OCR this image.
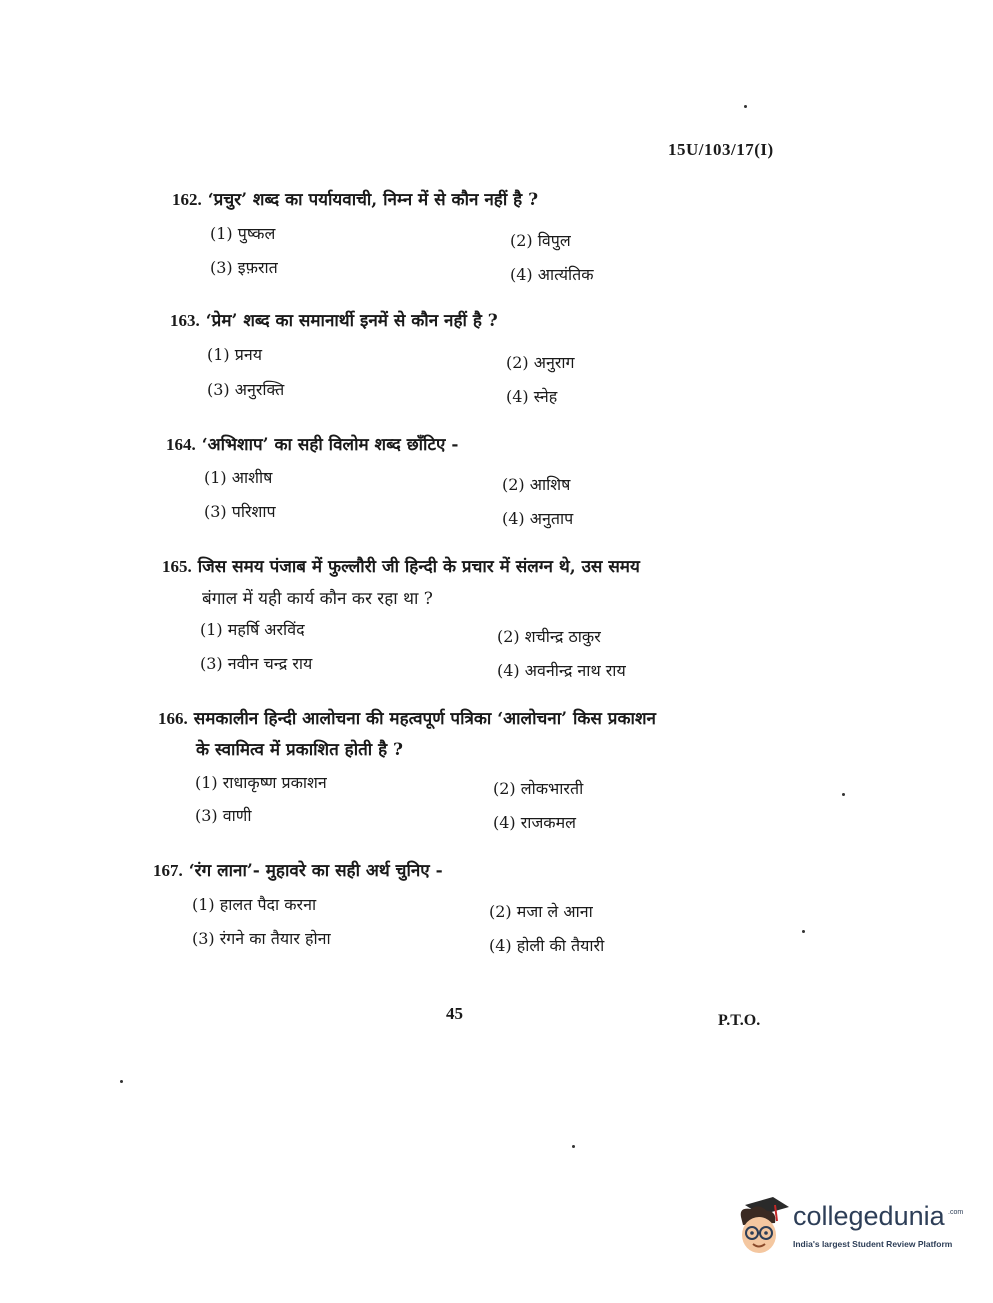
15U/103/17(I)
162. ‘प्रचुर’ शब्द का पर्यायवाची, निम्न में से कौन नहीं है ?
(1) पुष्कल	(2) विपुल
(3) इफ़रात	(4) आत्यंतिक
163. ‘प्रेम’ शब्द का समानार्थी इनमें से कौन नहीं है ?
(1) प्रनय	(2) अनुराग
(3) अनुरक्ति	(4) स्नेह
164. ‘अभिशाप’ का सही विलोम शब्द छाँटिए -
(1) आशीष	(2) आशिष
(3) परिशाप	(4) अनुताप
165. जिस समय पंजाब में फुल्लौरी जी हिन्दी के प्रचार में संलग्न थे, उस समय
बंगाल में यही कार्य कौन कर रहा था ?
(1) महर्षि अरविंद	(2) शचीन्द्र ठाकुर
(3) नवीन चन्द्र राय	(4) अवनीन्द्र नाथ राय
166. समकालीन हिन्दी आलोचना की महत्वपूर्ण पत्रिका ‘आलोचना’ किस प्रकाशन
के स्वामित्व में प्रकाशित होती है ?
(1) राधाकृष्ण प्रकाशन	(2) लोकभारती
(3) वाणी	(4) राजकमल
167. ‘रंग लाना’- मुहावरे का सही अर्थ चुनिए -
(1) हालत पैदा करना	(2) मजा ले आना
(3) रंगने का तैयार होना	(4) होली की तैयारी
45	P.T.O.
collegedunia .com
India's largest Student Review Platform
